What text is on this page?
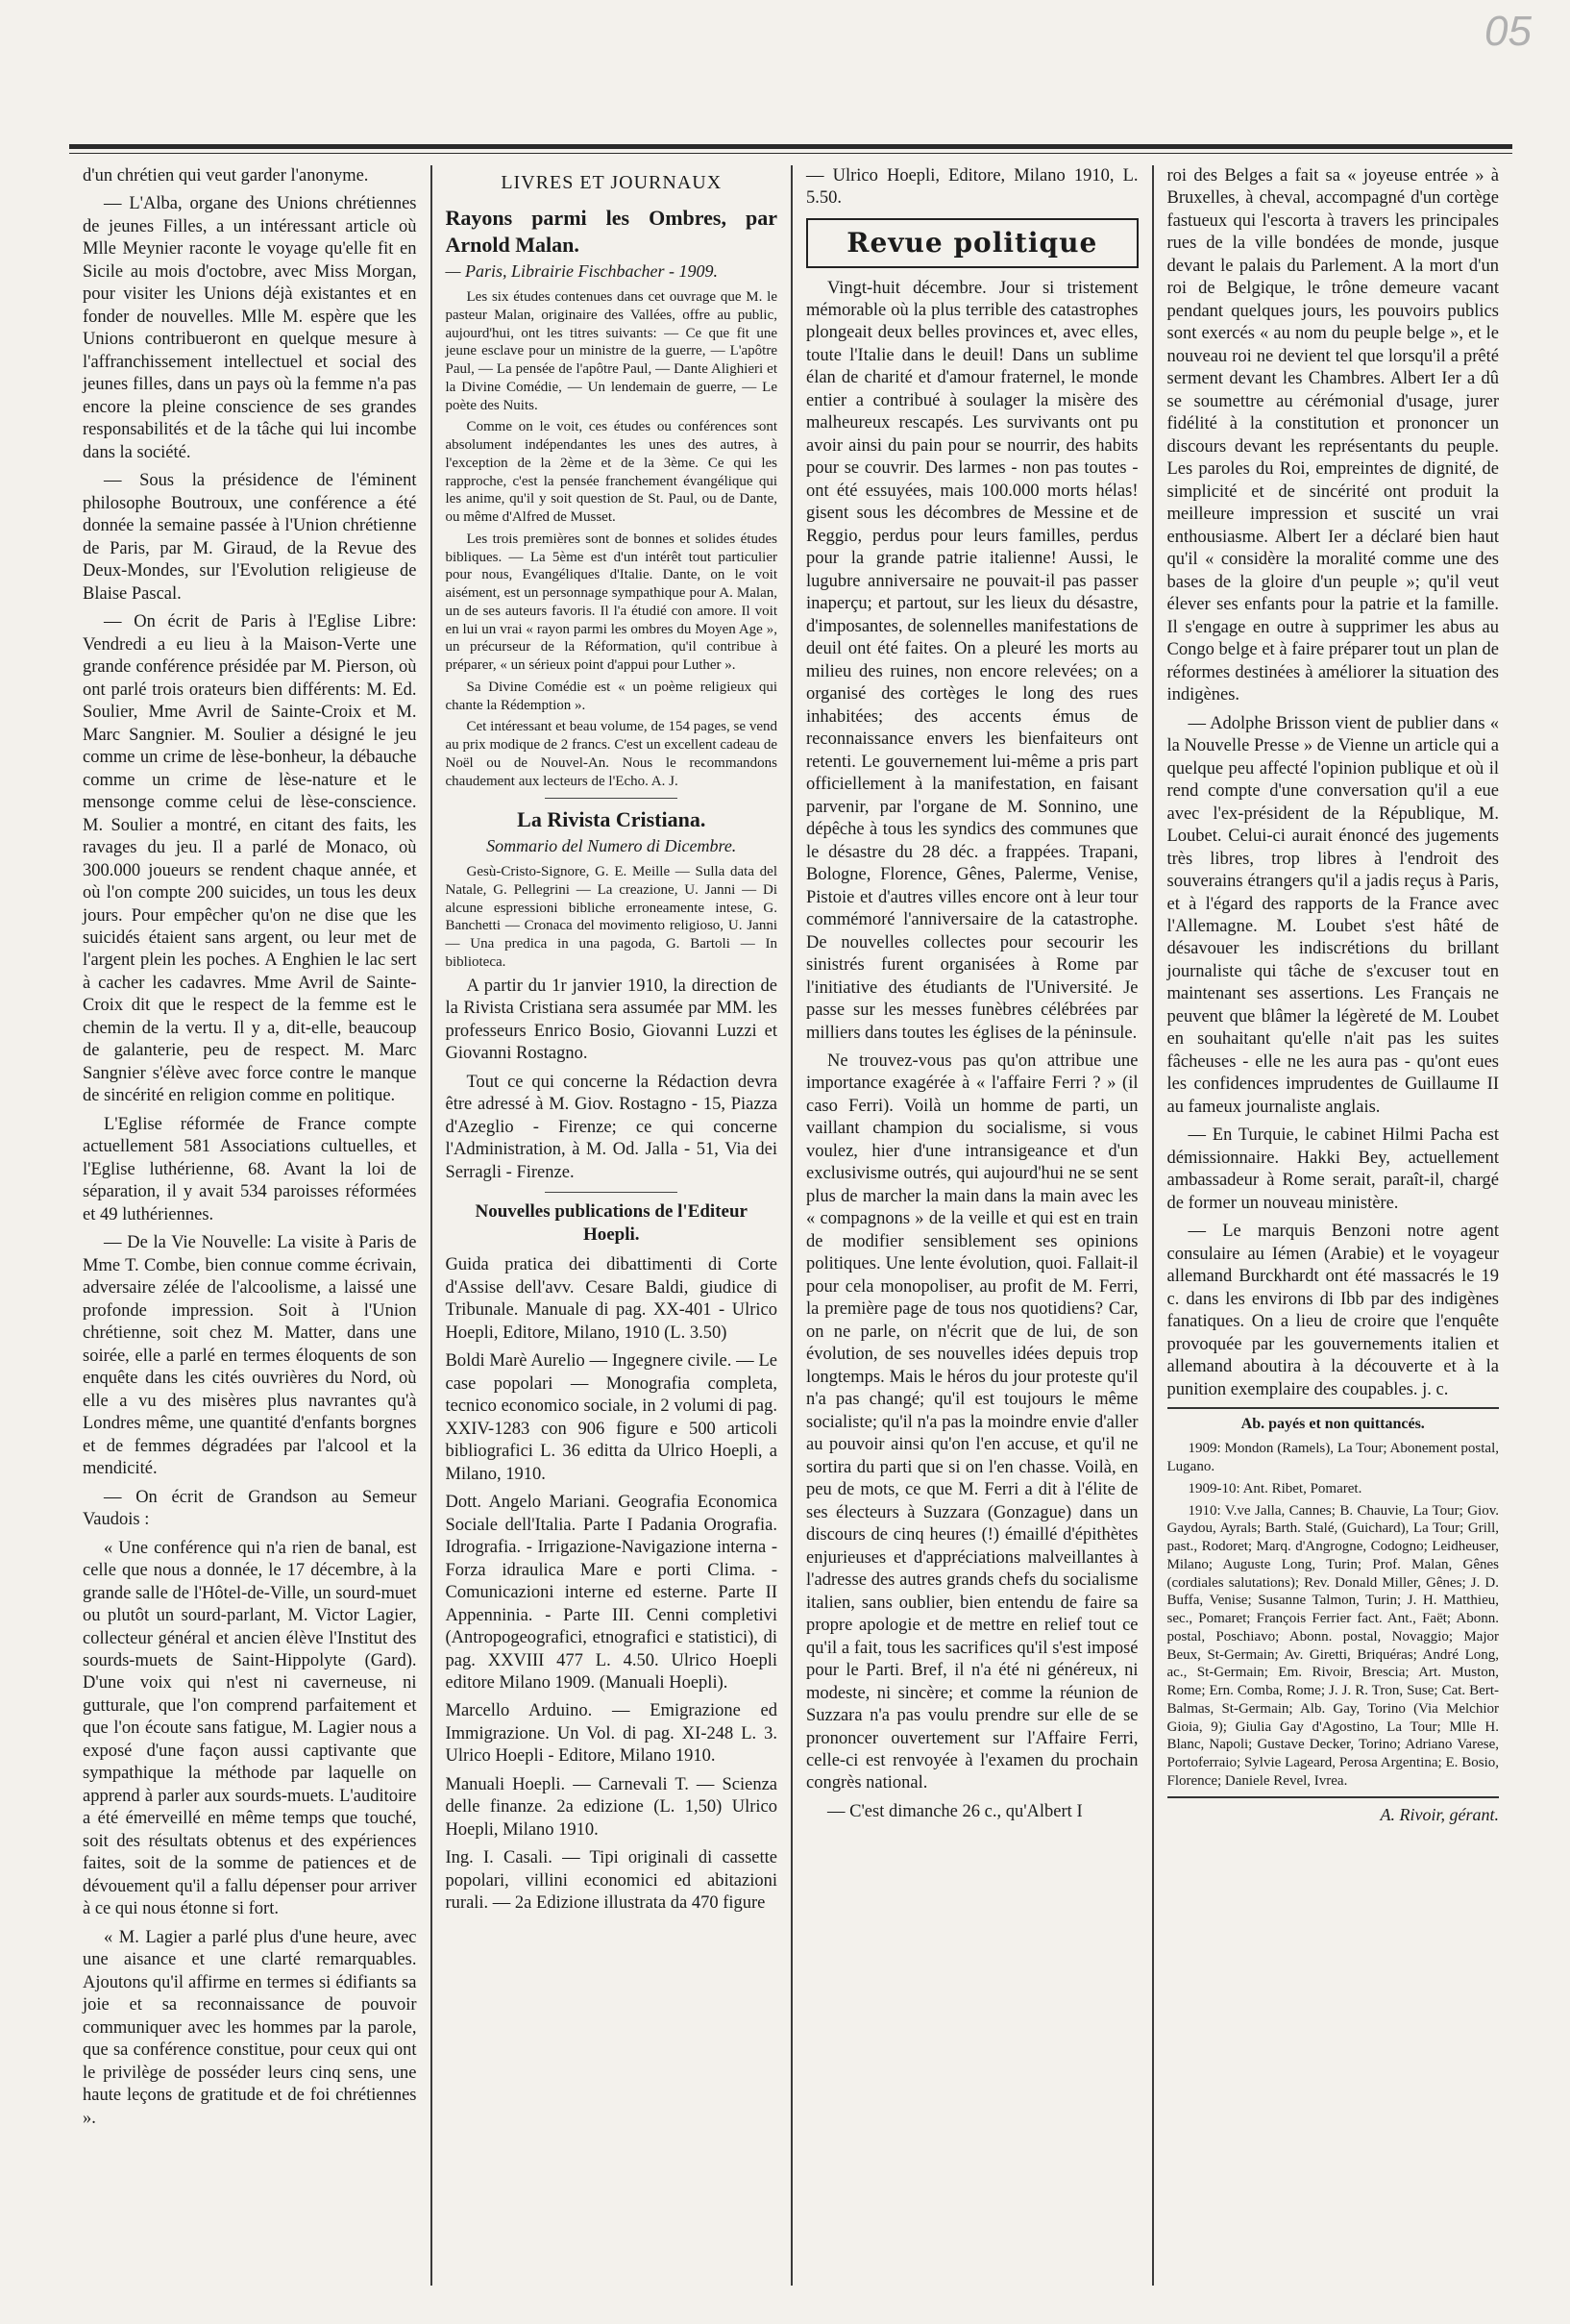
05

d'un chrétien qui veut garder l'anonyme.

— L'Alba, organe des Unions chrétiennes de jeunes Filles, a un intéressant article où Mlle Meynier raconte le voyage qu'elle fit en Sicile au mois d'octobre, avec Miss Morgan, pour visiter les Unions déjà existantes et en fonder de nouvelles. Mlle M. espère que les Unions contribueront en quelque mesure à l'affranchissement intellectuel et social des jeunes filles, dans un pays où la femme n'a pas encore la pleine conscience de ses grandes responsabilités et de la tâche qui lui incombe dans la société.

— Sous la présidence de l'éminent philosophe Boutroux, une conférence a été donnée la semaine passée à l'Union chrétienne de Paris, par M. Giraud, de la Revue des Deux-Mondes, sur l'Evolution religieuse de Blaise Pascal.

— On écrit de Paris à l'Eglise Libre: Vendredi a eu lieu à la Maison-Verte une grande conférence présidée par M. Pierson, où ont parlé trois orateurs bien différents: M. Ed. Soulier, Mme Avril de Sainte-Croix et M. Marc Sangnier. M. Soulier a désigné le jeu comme un crime de lèse-bonheur, la débauche comme un crime de lèse-nature et le mensonge comme celui de lèse-conscience. M. Soulier a montré, en citant des faits, les ravages du jeu. Il a parlé de Monaco, où 300.000 joueurs se rendent chaque année, et où l'on compte 200 suicides, un tous les deux jours. Pour empêcher qu'on ne dise que les suicidés étaient sans argent, ou leur met de l'argent plein les poches. A Enghien le lac sert à cacher les cadavres. Mme Avril de Sainte-Croix dit que le respect de la femme est le chemin de la vertu. Il y a, dit-elle, beaucoup de galanterie, peu de respect. M. Marc Sangnier s'élève avec force contre le manque de sincérité en religion comme en politique.

L'Eglise réformée de France compte actuellement 581 Associations cultuelles, et l'Eglise luthérienne, 68. Avant la loi de séparation, il y avait 534 paroisses réformées et 49 luthériennes.

— De la Vie Nouvelle: La visite à Paris de Mme T. Combe, bien connue comme écrivain, adversaire zélée de l'alcoolisme, a laissé une profonde impression. Soit à l'Union chrétienne, soit chez M. Matter, dans une soirée, elle a parlé en termes éloquents de son enquête dans les cités ouvrières du Nord, où elle a vu des misères plus navrantes qu'à Londres même, une quantité d'enfants borgnes et de femmes dégradées par l'alcool et la mendicité.

— On écrit de Grandson au Semeur Vaudois :

« Une conférence qui n'a rien de banal, est celle que nous a donnée, le 17 décembre, à la grande salle de l'Hôtel-de-Ville, un sourd-muet ou plutôt un sourd-parlant, M. Victor Lagier, collecteur général et ancien élève l'Institut des sourds-muets de Saint-Hippolyte (Gard). D'une voix qui n'est ni caverneuse, ni gutturale, que l'on comprend parfaitement et que l'on écoute sans fatigue, M. Lagier nous a exposé d'une façon aussi captivante que sympathique la méthode par laquelle on apprend à parler aux sourds-muets. L'auditoire a été émerveillé en même temps que touché, soit des résultats obtenus et des expériences faites, soit de la somme de patiences et de dévouement qu'il a fallu dépenser pour arriver à ce qui nous étonne si fort.

« M. Lagier a parlé plus d'une heure, avec une aisance et une clarté remarquables. Ajoutons qu'il affirme en termes si édifiants sa joie et sa reconnaissance de pouvoir communiquer avec les hommes par la parole, que sa conférence constitue, pour ceux qui ont le privilège de posséder leurs cinq sens, une haute leçons de gratitude et de foi chrétiennes ».

LIVRES ET JOURNAUX
Rayons parmi les Ombres, par Arnold Malan.

— Paris, Librairie Fischbacher - 1909.

Les six études contenues dans cet ouvrage que M. le pasteur Malan, originaire des Vallées, offre au public, aujourd'hui, ont les titres suivants: — Ce que fit une jeune esclave pour un ministre de la guerre, — L'apôtre Paul, — La pensée de l'apôtre Paul, — Dante Alighieri et la Divine Comédie, — Un lendemain de guerre, — Le poète des Nuits.

Comme on le voit, ces études ou conférences sont absolument indépendantes les unes des autres, à l'exception de la 2ème et de la 3ème. Ce qui les rapproche, c'est la pensée franchement évangélique qui les anime, qu'il y soit question de St. Paul, ou de Dante, ou même d'Alfred de Musset.

Les trois premières sont de bonnes et solides études bibliques. — La 5ème est d'un intérêt tout particulier pour nous, Evangéliques d'Italie. Dante, on le voit aisément, est un personnage sympathique pour A. Malan, un de ses auteurs favoris. Il l'a étudié con amore. Il voit en lui un vrai « rayon parmi les ombres du Moyen Age », un précurseur de la Réformation, qu'il contribue à préparer, « un sérieux point d'appui pour Luther ».

Sa Divine Comédie est « un poème religieux qui chante la Rédemption ».

Cet intéressant et beau volume, de 154 pages, se vend au prix modique de 2 francs. C'est un excellent cadeau de Noël ou de Nouvel-An. Nous le recommandons chaudement aux lecteurs de l'Echo. A. J.

La Rivista Cristiana.

Sommario del Numero di Dicembre.

Gesù-Cristo-Signore, G. E. Meille — Sulla data del Natale, G. Pellegrini — La creazione, U. Janni — Di alcune espressioni bibliche erroneamente intese, G. Banchetti — Cronaca del movimento religioso, U. Janni — Una predica in una pagoda, G. Bartoli — In biblioteca.

A partir du 1r janvier 1910, la direction de la Rivista Cristiana sera assumée par MM. les professeurs Enrico Bosio, Giovanni Luzzi et Giovanni Rostagno.

Tout ce qui concerne la Rédaction devra être adressé à M. Giov. Rostagno - 15, Piazza d'Azeglio - Firenze; ce qui concerne l'Administration, à M. Od. Jalla - 51, Via dei Serragli - Firenze.

Nouvelles publications de l'Editeur Hoepli.

Guida pratica dei dibattimenti di Corte d'Assise dell'avv. Cesare Baldi, giudice di Tribunale. Manuale di pag. XX-401 - Ulrico Hoepli, Editore, Milano, 1910 (L. 3.50)

Boldi Marè Aurelio — Ingegnere civile. — Le case popolari — Monografia completa, tecnico economico sociale, in 2 volumi di pag. XXIV-1283 con 906 figure e 500 articoli bibliografici L. 36 editta da Ulrico Hoepli, a Milano, 1910.

Dott. Angelo Mariani. Geografia Economica Sociale dell'Italia. Parte I Padania Orografia. Idrografia. - Irrigazione-Navigazione interna - Forza idraulica Mare e porti Clima. - Comunicazioni interne ed esterne. Parte II Appenninia. - Parte III. Cenni completivi (Antropogeografici, etnografici e statistici), di pag. XXVIII 477 L. 4.50. Ulrico Hoepli editore Milano 1909. (Manuali Hoepli).

Marcello Arduino. — Emigrazione ed Immigrazione. Un Vol. di pag. XI-248 L. 3. Ulrico Hoepli - Editore, Milano 1910.

Manuali Hoepli. — Carnevali T. — Scienza delle finanze. 2a edizione (L. 1,50) Ulrico Hoepli, Milano 1910.

Ing. I. Casali. — Tipi originali di cassette popolari, villini economici ed abitazioni rurali. — 2a Edizione illustrata da 470 figure

— Ulrico Hoepli, Editore, Milano 1910, L. 5.50.

Revue politique

Vingt-huit décembre. Jour si tristement mémorable où la plus terrible des catastrophes plongeait deux belles provinces et, avec elles, toute l'Italie dans le deuil! Dans un sublime élan de charité et d'amour fraternel, le monde entier a contribué à soulager la misère des malheureux rescapés. Les survivants ont pu avoir ainsi du pain pour se nourrir, des habits pour se couvrir. Des larmes - non pas toutes - ont été essuyées, mais 100.000 morts hélas! gisent sous les décombres de Messine et de Reggio, perdus pour leurs familles, perdus pour la grande patrie italienne! Aussi, le lugubre anniversaire ne pouvait-il pas passer inaperçu; et partout, sur les lieux du désastre, d'imposantes, de solennelles manifestations de deuil ont été faites. On a pleuré les morts au milieu des ruines, non encore relevées; on a organisé des cortèges le long des rues inhabitées; des accents émus de reconnaissance envers les bienfaiteurs ont retenti. Le gouvernement lui-même a pris part officiellement à la manifestation, en faisant parvenir, par l'organe de M. Sonnino, une dépêche à tous les syndics des communes que le désastre du 28 déc. a frappées. Trapani, Bologne, Florence, Gênes, Palerme, Venise, Pistoie et d'autres villes encore ont à leur tour commémoré l'anniversaire de la catastrophe. De nouvelles collectes pour secourir les sinistrés furent organisées à Rome par l'initiative des étudiants de l'Université. Je passe sur les messes funèbres célébrées par milliers dans toutes les églises de la péninsule.

Ne trouvez-vous pas qu'on attribue une importance exagérée à « l'affaire Ferri ? » (il caso Ferri). Voilà un homme de parti, un vaillant champion du socialisme, si vous voulez, hier d'une intransigeance et d'un exclusivisme outrés, qui aujourd'hui ne se sent plus de marcher la main dans la main avec les « compagnons » de la veille et qui est en train de modifier sensiblement ses opinions politiques. Une lente évolution, quoi. Fallait-il pour cela monopoliser, au profit de M. Ferri, la première page de tous nos quotidiens? Car, on ne parle, on n'écrit que de lui, de son évolution, de ses nouvelles idées depuis trop longtemps. Mais le héros du jour proteste qu'il n'a pas changé; qu'il est toujours le même socialiste; qu'il n'a pas la moindre envie d'aller au pouvoir ainsi qu'on l'en accuse, et qu'il ne sortira du parti que si on l'en chasse. Voilà, en peu de mots, ce que M. Ferri a dit à l'élite de ses électeurs à Suzzara (Gonzague) dans un discours de cinq heures (!) émaillé d'épithètes enjurieuses et d'appréciations malveillantes à l'adresse des autres grands chefs du socialisme italien, sans oublier, bien entendu de faire sa propre apologie et de mettre en relief tout ce qu'il a fait, tous les sacrifices qu'il s'est imposé pour le Parti. Bref, il n'a été ni généreux, ni modeste, ni sincère; et comme la réunion de Suzzara n'a pas voulu prendre sur elle de se prononcer ouvertement sur l'Affaire Ferri, celle-ci est renvoyée à l'examen du prochain congrès national.

— C'est dimanche 26 c., qu'Albert I

roi des Belges a fait sa « joyeuse entrée » à Bruxelles, à cheval, accompagné d'un cortège fastueux qui l'escorta à travers les principales rues de la ville bondées de monde, jusque devant le palais du Parlement. A la mort d'un roi de Belgique, le trône demeure vacant pendant quelques jours, les pouvoirs publics sont exercés « au nom du peuple belge », et le nouveau roi ne devient tel que lorsqu'il a prêté serment devant les Chambres. Albert Ier a dû se soumettre au cérémonial d'usage, jurer fidélité à la constitution et prononcer un discours devant les représentants du peuple. Les paroles du Roi, empreintes de dignité, de simplicité et de sincérité ont produit la meilleure impression et suscité un vrai enthousiasme. Albert Ier a déclaré bien haut qu'il « considère la moralité comme une des bases de la gloire d'un peuple »; qu'il veut élever ses enfants pour la patrie et la famille. Il s'engage en outre à supprimer les abus au Congo belge et à faire préparer tout un plan de réformes destinées à améliorer la situation des indigènes.

— Adolphe Brisson vient de publier dans « la Nouvelle Presse » de Vienne un article qui a quelque peu affecté l'opinion publique et où il rend compte d'une conversation qu'il a eue avec l'ex-président de la République, M. Loubet. Celui-ci aurait énoncé des jugements très libres, trop libres à l'endroit des souverains étrangers qu'il a jadis reçus à Paris, et à l'égard des rapports de la France avec l'Allemagne. M. Loubet s'est hâté de désavouer les indiscrétions du brillant journaliste qui tâche de s'excuser tout en maintenant ses assertions. Les Français ne peuvent que blâmer la légèreté de M. Loubet en souhaitant qu'elle n'ait pas les suites fâcheuses - elle ne les aura pas - qu'ont eues les confidences imprudentes de Guillaume II au fameux journaliste anglais.

— En Turquie, le cabinet Hilmi Pacha est démissionnaire. Hakki Bey, actuellement ambassadeur à Rome serait, paraît-il, chargé de former un nouveau ministère.

— Le marquis Benzoni notre agent consulaire au Iémen (Arabie) et le voyageur allemand Burckhardt ont été massacrés le 19 c. dans les environs di Ibb par des indigènes fanatiques. On a lieu de croire que l'enquête provoquée par les gouvernements italien et allemand aboutira à la découverte et à la punition exemplaire des coupables. j. c.

Ab. payés et non quittancés.

1909: Mondon (Ramels), La Tour; Abonement postal, Lugano.

1909-10: Ant. Ribet, Pomaret.

1910: V.ve Jalla, Cannes; B. Chauvie, La Tour; Giov. Gaydou, Ayrals; Barth. Stalé, (Guichard), La Tour; Grill, past., Rodoret; Marq. d'Angrogne, Codogno; Leidheuser, Milano; Auguste Long, Turin; Prof. Malan, Gênes (cordiales salutations); Rev. Donald Miller, Gênes; J. D. Buffa, Venise; Susanne Talmon, Turin; J. H. Matthieu, sec., Pomaret; François Ferrier fact. Ant., Faët; Abonn. postal, Poschiavo; Abonn. postal, Novaggio; Major Beux, St-Germain; Av. Giretti, Briquéras; André Long, ac., St-Germain; Em. Rivoir, Brescia; Art. Muston, Rome; Ern. Comba, Rome; J. J. R. Tron, Suse; Cat. Bert-Balmas, St-Germain; Alb. Gay, Torino (Via Melchior Gioia, 9); Giulia Gay d'Agostino, La Tour; Mlle H. Blanc, Napoli; Gustave Decker, Torino; Adriano Varese, Portoferraio; Sylvie Lageard, Perosa Argentina; E. Bosio, Florence; Daniele Revel, Ivrea.

A. Rivoir, gérant.
